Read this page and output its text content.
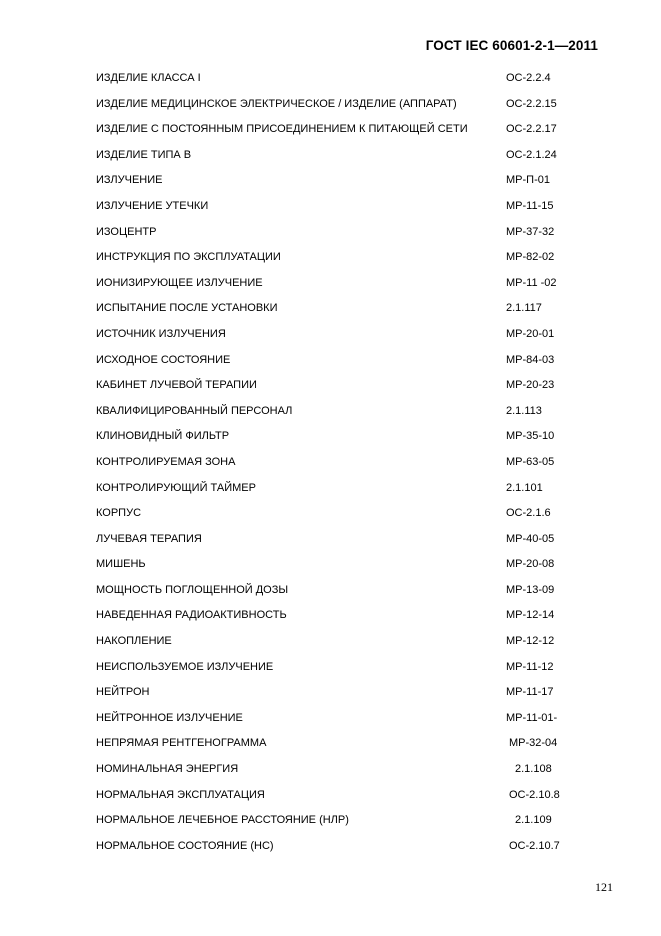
ГОСТ IEC 60601-2-1—2011
ИЗДЕЛИЕ КЛАССА I	ОС-2.2.4
ИЗДЕЛИЕ МЕДИЦИНСКОЕ ЭЛЕКТРИЧЕСКОЕ / ИЗДЕЛИЕ (АППАРАТ)	ОС-2.2.15
ИЗДЕЛИЕ С ПОСТОЯННЫМ ПРИСОЕДИНЕНИЕМ К ПИТАЮЩЕЙ СЕТИ	ОС-2.2.17
ИЗДЕЛИЕ ТИПА B	ОС-2.1.24
ИЗЛУЧЕНИЕ	МР-П-01
ИЗЛУЧЕНИЕ УТЕЧКИ	МР-11-15
ИЗОЦЕНТР	МР-37-32
ИНСТРУКЦИЯ ПО ЭКСПЛУАТАЦИИ	МР-82-02
ИОНИЗИРУЮЩЕЕ ИЗЛУЧЕНИЕ	МР-11 -02
ИСПЫТАНИЕ ПОСЛЕ УСТАНОВКИ	2.1.117
ИСТОЧНИК ИЗЛУЧЕНИЯ	МР-20-01
ИСХОДНОЕ СОСТОЯНИЕ	МР-84-03
КАБИНЕТ ЛУЧЕВОЙ ТЕРАПИИ	МР-20-23
КВАЛИФИЦИРОВАННЫЙ ПЕРСОНАЛ	2.1.113
КЛИНОВИДНЫЙ ФИЛЬТР	МР-35-10
КОНТРОЛИРУЕМАЯ ЗОНА	МР-63-05
КОНТРОЛИРУЮЩИЙ ТАЙМЕР	2.1.101
КОРПУС	ОС-2.1.6
ЛУЧЕВАЯ ТЕРАПИЯ	МР-40-05
МИШЕНЬ	МР-20-08
МОЩНОСТЬ ПОГЛОЩЕННОЙ ДОЗЫ	МР-13-09
НАВЕДЕННАЯ РАДИОАКТИВНОСТЬ	МР-12-14
НАКОПЛЕНИЕ	МР-12-12
НЕИСПОЛЬЗУЕМОЕ ИЗЛУЧЕНИЕ	МР-11-12
НЕЙТРОН	МР-11-17
НЕЙТРОННОЕ ИЗЛУЧЕНИЕ	МР-11-01-
НЕПРЯМАЯ РЕНТГЕНОГРАММА	МР-32-04
НОМИНАЛЬНАЯ ЭНЕРГИЯ	2.1.108
НОРМАЛЬНАЯ ЭКСПЛУАТАЦИЯ	ОС-2.10.8
НОРМАЛЬНОЕ ЛЕЧЕБНОЕ РАССТОЯНИЕ (НЛР)	2.1.109
НОРМАЛЬНОЕ СОСТОЯНИЕ (НС)	ОС-2.10.7
121
